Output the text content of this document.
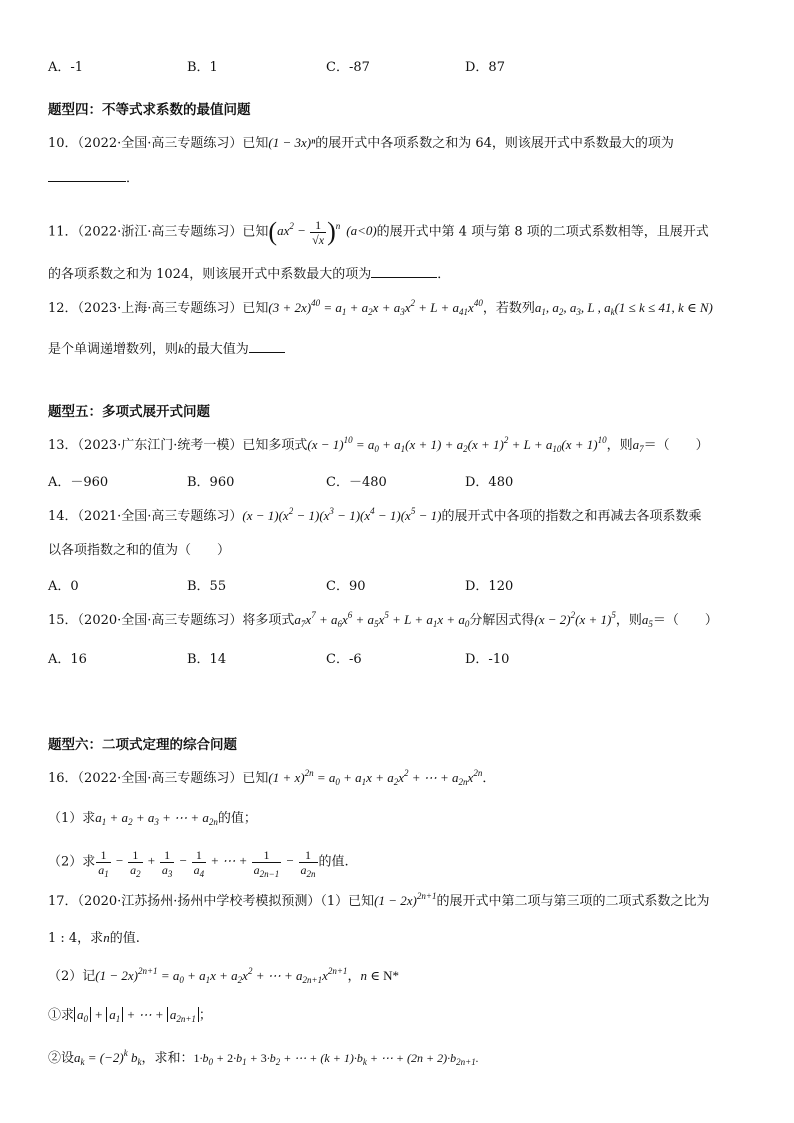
A．-1	B．1	C．-87	D．87
题型四：不等式求系数的最值问题
10．（2022·全国·高三专题练习）已知(1 − 3x)ⁿ的展开式中各项系数之和为 64，则该展开式中系数最大的项为
．
11．（2022·浙江·高三专题练习）已知$(ax^2 - \frac{1}{√x} )^n$ (a<0)的展开式中第 4 项与第 8 项的二项式系数相等，且展开式
的各项系数之和为 1024，则该展开式中系数最大的项为	．
12．（2023·上海·高三专题练习）已知$(3 + 2x)^{40} = a_1 + a_2x + a_3x^2 + L + a_{41}x^{40}$，若数列$a_1$, $a_2$, $a_3$, L , $a_k(1 \le k \le 41$, k ∈ N)
是个单调递增数列，则k的最大值为
题型五：多项式展开式问题
13．（2023·广东江门·统考一模）已知多项式$(x - 1)^{10} = a_0 + a_1(x + 1) + a_2(x + 1)^2 + L + a_{10}(x + 1)^{10}$，则$a_7=$（　　）
A．－960	B．960	C．－480	D．480
14．（2021·全国·高三专题练习）$(x - 1)(x^2 - 1)(x^3 - 1)(x^4 - 1)(x^5 - 1)$的展开式中各项的指数之和再减去各项系数乘
以各项指数之和的值为（　　）
A．0	B．55	C．90	D．120
15．（2020·全国·高三专题练习）将多项式$a_7x^7 + a_6x^6 + a_5x^5 + L + a_1x + a_0$分解因式得$(x - 2)^2(x + 1)^5$，则$a_5=$（　　）
A．16	B．14	C．-6	D．-10
题型六：二项式定理的综合问题
16．（2022·全国·高三专题练习）已知$(1 + x)^{2n} = a_0 + a_1x + a_2x^2$ + ⋯ + $a_{2n}x^{2n}$．
（1）求$a_1 + a_2 + a_3$ + ⋯ + $a_{2n}$的值；
（2）求 $\frac{1}{a_1} - \frac{1}{a_2} + \frac{1}{a_3} - \frac{1}{a_4}$ + ⋯ + $\frac{1}{a_{2n-1}} - \frac{1}{a_{2n}}$ 的值.
17．（2020·江苏扬州·扬州中学校考模拟预测）（1）已知$(1 - 2x)^{2n+1}$的展开式中第二项与第三项的二项式系数之比为
1 : 4，求n的值.
（2）记$(1 - 2x)^{2n+1} = a_0 + a_1x + a_2x^2$ + ⋯ + $a_{2n+1}x^{2n+1}$，n ∈ N*
①求 $a_0 + a_1$ + ⋯ + $a_{2n+1}$ ；
②设$a_k = (-2)^k$ $b_k$，求和：$1\cdot b_0 + 2\cdot b_1 + 3\cdot b_2$ + ⋯ + $(k + 1)\cdot b_k$ + ⋯ + $(2n + 2)\cdot b_{2n+1}$.
